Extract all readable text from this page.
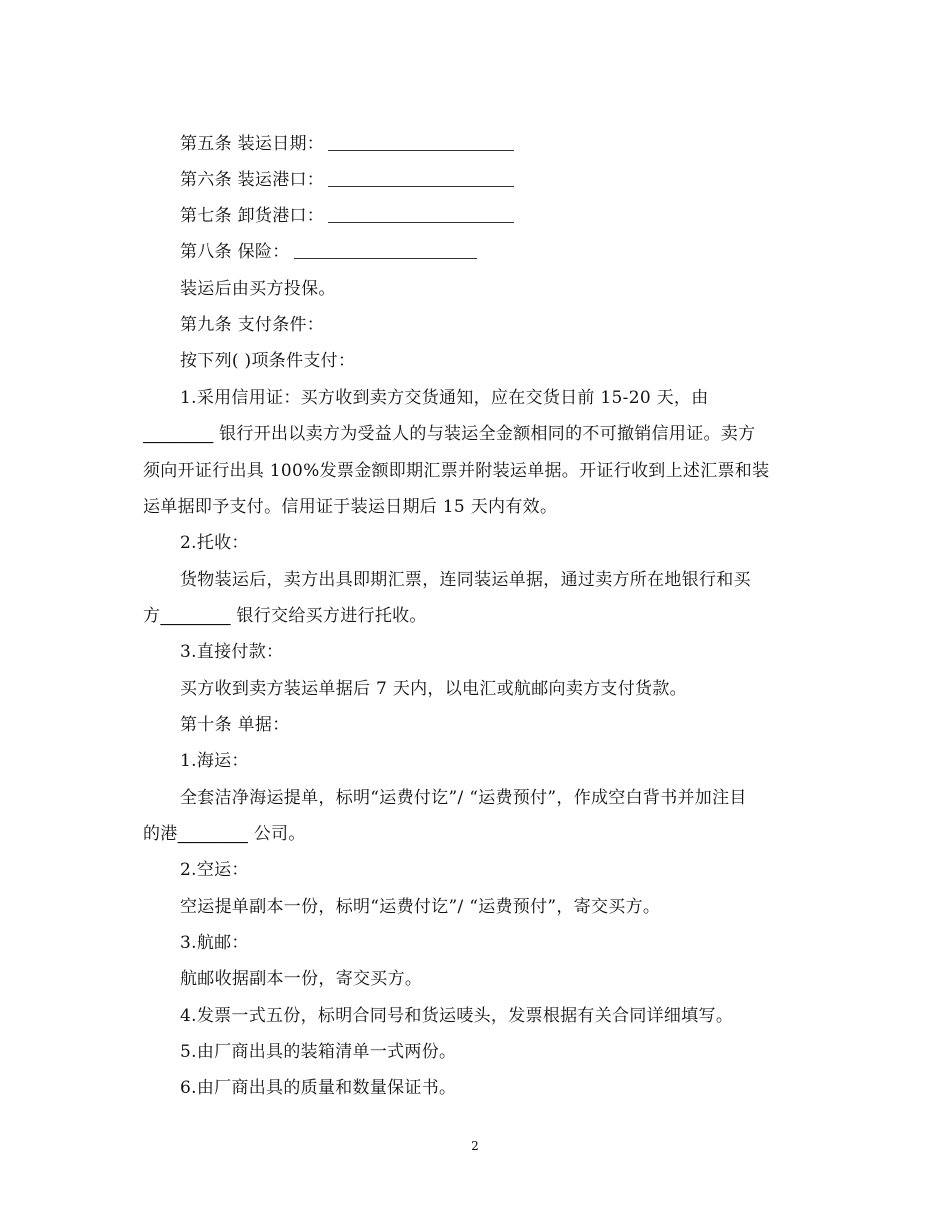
第五条 装运日期：
第六条 装运港口：
第七条 卸货港口：
第八条 保险：
装运后由买方投保。
第九条 支付条件：
按下列( )项条件支付：
1.采用信用证：买方收到卖方交货通知，应在交货日前 15-20 天，由
________ 银行开出以卖方为受益人的与装运全金额相同的不可撤销信用证。卖方
须向开证行出具 100%发票金额即期汇票并附装运单据。开证行收到上述汇票和装
运单据即予支付。信用证于装运日期后 15 天内有效。
2.托收：
货物装运后，卖方出具即期汇票，连同装运单据，通过卖方所在地银行和买
方________ 银行交给买方进行托收。
3.直接付款：
买方收到卖方装运单据后 7 天内，以电汇或航邮向卖方支付货款。
第十条 单据：
1.海运：
全套洁净海运提单，标明“运费付讫”/ “运费预付”，作成空白背书并加注目
的港________ 公司。
2.空运：
空运提单副本一份，标明“运费付讫”/ “运费预付”，寄交买方。
3.航邮：
航邮收据副本一份，寄交买方。
4.发票一式五份，标明合同号和货运唛头，发票根据有关合同详细填写。
5.由厂商出具的装箱清单一式两份。
6.由厂商出具的质量和数量保证书。
2
